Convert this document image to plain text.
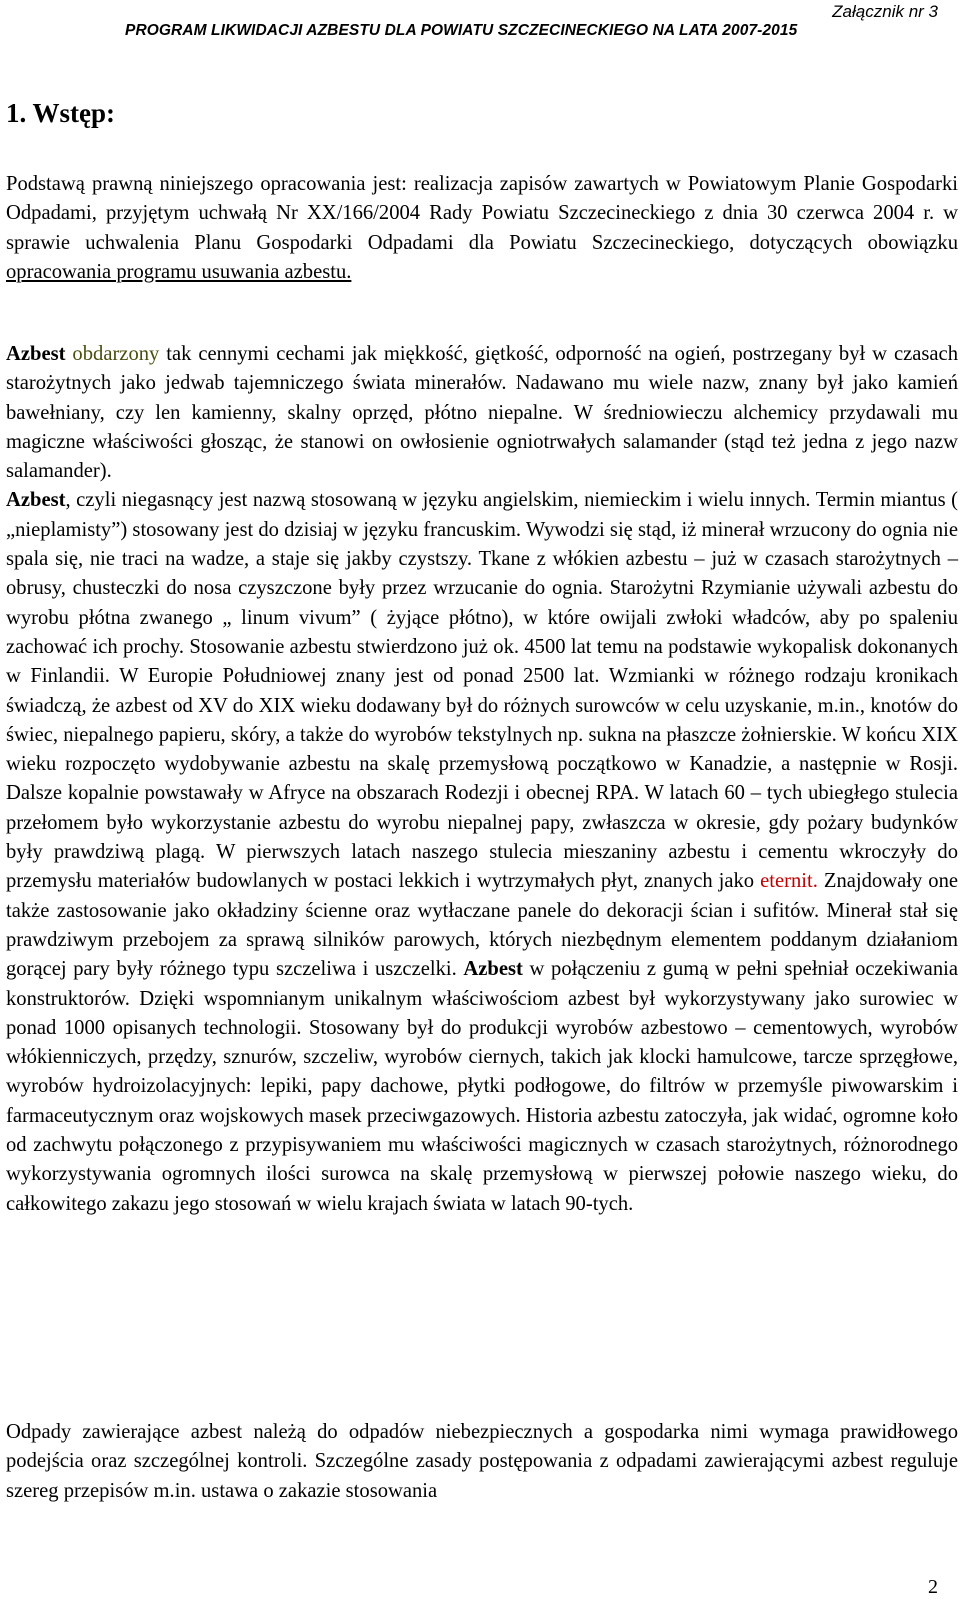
Załącznik nr 3
PROGRAM LIKWIDACJI AZBESTU DLA POWIATU SZCZECINECKIEGO NA LATA 2007-2015
1. Wstęp:
Podstawą prawną niniejszego opracowania jest: realizacja zapisów zawartych w Powiatowym Planie Gospodarki Odpadami, przyjętym uchwałą Nr XX/166/2004 Rady Powiatu Szczecineckiego z dnia 30 czerwca 2004 r. w sprawie uchwalenia Planu Gospodarki Odpadami dla Powiatu Szczecineckiego, dotyczących obowiązku opracowania programu usuwania azbestu.
Azbest obdarzony tak cennymi cechami jak miękkość, giętkość, odporność na ogień, postrzegany był w czasach starożytnych jako jedwab tajemniczego świata minerałów. Nadawano mu wiele nazw, znany był jako kamień bawełniany, czy len kamienny, skalny oprzęd, płótno niepalne. W średniowieczu alchemicy przydawali mu magiczne właściwości głosząc, że stanowi on owłosienie ogniotrwałych salamander (stąd też jedna z jego nazw salamander).
Azbest, czyli niegasnący jest nazwą stosowaną w języku angielskim, niemieckim i wielu innych. Termin miantus ( „nieplamisty”) stosowany jest do dzisiaj w języku francuskim. Wywodzi się stąd, iż minerał wrzucony do ognia nie spala się, nie traci na wadze, a staje się jakby czystszy. Tkane z włókien azbestu – już w czasach starożytnych – obrusy, chusteczki do nosa czyszczone były przez wrzucanie do ognia. Starożytni Rzymianie używali azbestu do wyrobu płótna zwanego „ linum vivum” ( żyjące płótno), w które owijali zwłoki władców, aby po spaleniu zachować ich prochy. Stosowanie azbestu stwierdzono już ok. 4500 lat temu na podstawie wykopalisk dokonanych w Finlandii. W Europie Południowej znany jest od ponad 2500 lat. Wzmianki w różnego rodzaju kronikach świadczą, że azbest od XV do XIX wieku dodawany był do różnych surowców w celu uzyskanie, m.in., knotów do świec, niepalnego papieru, skóry, a także do wyrobów tekstylnych np. sukna na płaszcze żołnierskie. W końcu XIX wieku rozpoczęto wydobywanie azbestu na skalę przemysłową początkowo w Kanadzie, a następnie w Rosji. Dalsze kopalnie powstawały w Afryce na obszarach Rodezji i obecnej RPA. W latach 60 – tych ubiegłego stulecia przełomem było wykorzystanie azbestu do wyrobu niepalnej papy, zwłaszcza w okresie, gdy pożary budynków były prawdziwą plagą. W pierwszych latach naszego stulecia mieszaniny azbestu i cementu wkroczyły do przemysłu materiałów budowlanych w postaci lekkich i wytrzymałych płyt, znanych jako eternit. Znajdowały one także zastosowanie jako okładziny ścienne oraz wytłaczane panele do dekoracji ścian i sufitów. Minerał stał się prawdziwym przebojem za sprawą silników parowych, których niezbędnym elementem poddanym działaniom gorącej pary były różnego typu szczeliwa i uszczelki. Azbest w połączeniu z gumą w pełni spełniał oczekiwania konstruktorów. Dzięki wspomnianym unikalnym właściwościom azbest był wykorzystywany jako surowiec w ponad 1000 opisanych technologii. Stosowany był do produkcji wyrobów azbestowo – cementowych, wyrobów włókienniczych, przędzy, sznurów, szczeliw, wyrobów ciernych, takich jak klocki hamulcowe, tarcze sprzęgłowe, wyrobów hydroizolacyjnych: lepiki, papy dachowe, płytki podłogowe, do filtrów w przemyśle piwowarskim i farmaceutycznym oraz wojskowych masek przeciwgazowych. Historia azbestu zatoczyła, jak widać, ogromne koło od zachwytu połączonego z przypisywaniem mu właściwości magicznych w czasach starożytnych, różnorodnego wykorzystywania ogromnych ilości surowca na skalę przemysłową w pierwszej połowie naszego wieku, do całkowitego zakazu jego stosowań w wielu krajach świata w latach 90-tych.
Odpady zawierające azbest należą do odpadów niebezpiecznych a gospodarka nimi wymaga prawidłowego podejścia oraz szczególnej kontroli. Szczególne zasady postępowania z odpadami zawierającymi azbest reguluje szereg przepisów m.in. ustawa o zakazie stosowania
2
